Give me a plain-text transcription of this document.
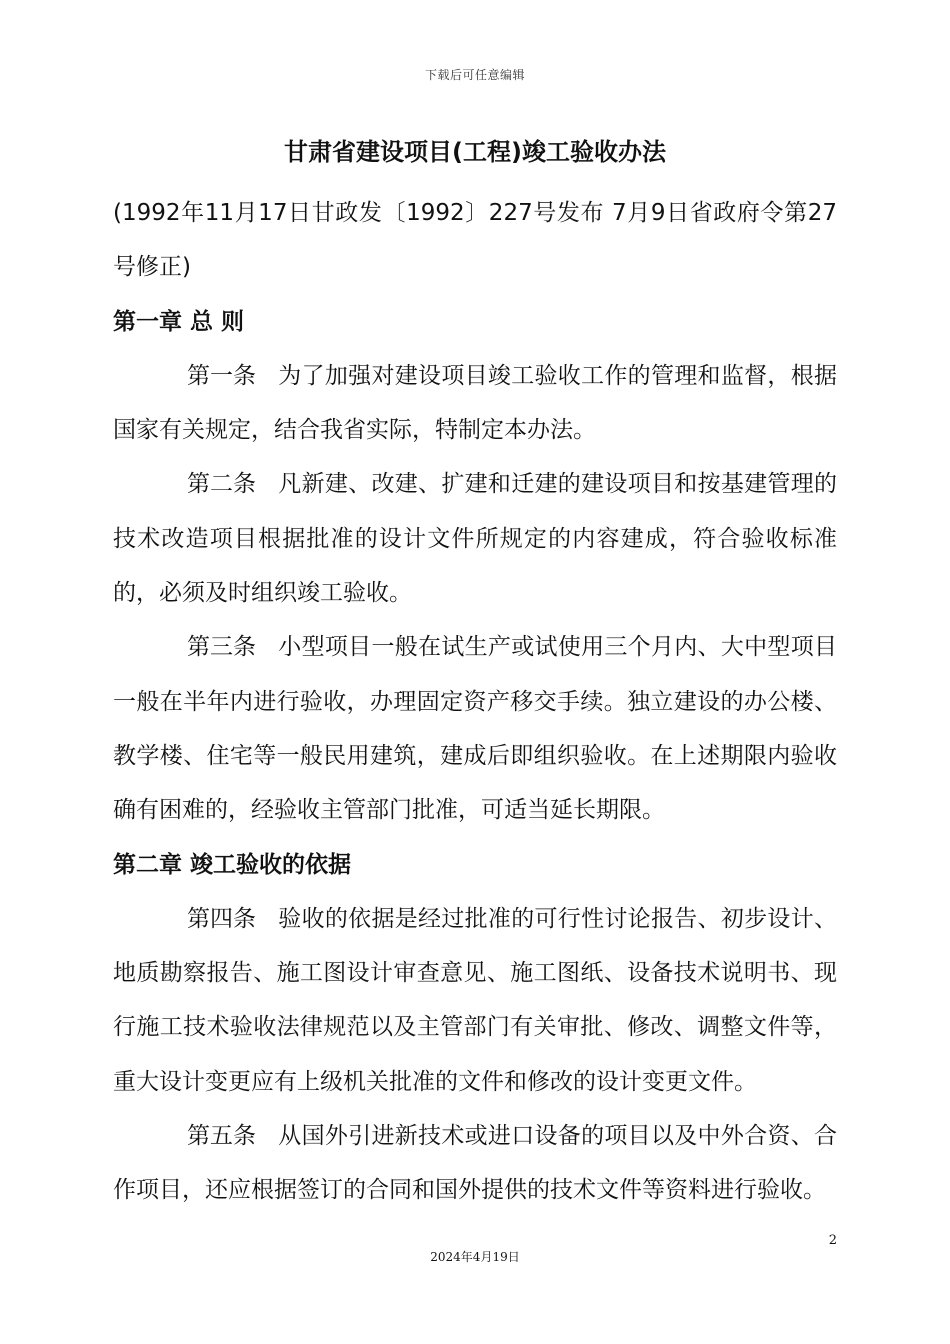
下载后可任意编辑
甘肃省建设项目(工程)竣工验收办法

(1992年11月17日甘政发〔1992〕227号发布 7月9日省政府令第27号修正)

第一章 总 则

第一条 为了加强对建设项目竣工验收工作的管理和监督，根据国家有关规定，结合我省实际，特制定本办法。

第二条 凡新建、改建、扩建和迁建的建设项目和按基建管理的技术改造项目根据批准的设计文件所规定的内容建成，符合验收标准的，必须及时组织竣工验收。

第三条 小型项目一般在试生产或试使用三个月内、大中型项目一般在半年内进行验收，办理固定资产移交手续。独立建设的办公楼、教学楼、住宅等一般民用建筑，建成后即组织验收。在上述期限内验收确有困难的，经验收主管部门批准，可适当延长期限。

第二章 竣工验收的依据

第四条 验收的依据是经过批准的可行性讨论报告、初步设计、地质勘察报告、施工图设计审查意见、施工图纸、设备技术说明书、现行施工技术验收法律规范以及主管部门有关审批、修改、调整文件等，重大设计变更应有上级机关批准的文件和修改的设计变更文件。

第五条 从国外引进新技术或进口设备的项目以及中外合资、合作项目，还应根据签订的合同和国外提供的技术文件等资料进行验收。

2
2024年4月19日
